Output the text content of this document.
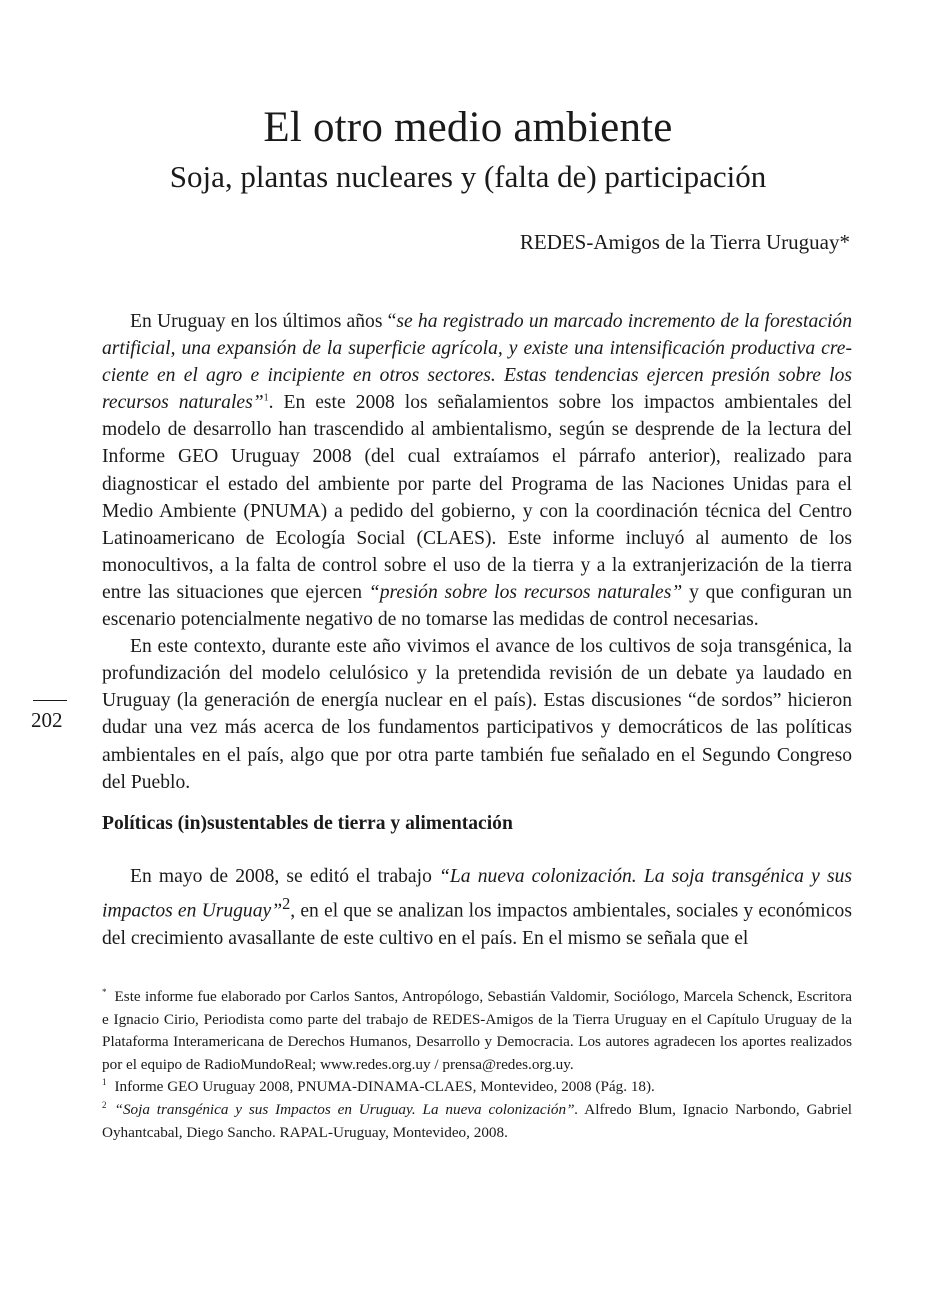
El otro medio ambiente
Soja, plantas nucleares y (falta de) participación
REDES-Amigos de la Tierra Uruguay*
202

En Uruguay en los últimos años “se ha registrado un marcado incremento de la forestación artificial, una expansión de la superficie agrícola, y existe una intensificación productiva creciente en el agro e incipiente en otros sectores. Estas tendencias ejercen presión sobre los recursos naturales”$^1$. En este 2008 los señalamientos sobre los impactos ambientales del modelo de desarrollo han trascendido al ambientalismo, según se desprende de la lectura del Informe GEO Uruguay 2008 (del cual extraíamos el párrafo anterior), realizado para diagnosticar el estado del ambiente por parte del Programa de las Naciones Unidas para el Medio Ambiente (PNUMA) a pedido del gobierno, y con la coordinación técnica del Centro Latinoamericano de Ecología Social (CLAES). Este informe incluyó al aumento de los monocultivos, a la falta de control sobre el uso de la tierra y a la extranjerización de la tierra entre las situaciones que ejercen “presión sobre los recursos naturales” y que configuran un escenario potencialmente negativo de no tomarse las medidas de control necesarias.

En este contexto, durante este año vivimos el avance de los cultivos de soja transgénica, la profundización del modelo celulósico y la pretendida revisión de un debate ya laudado en Uruguay (la generación de energía nuclear en el país). Estas discusiones “de sordos” hicieron dudar una vez más acerca de los fundamentos participativos y democráticos de las políticas ambientales en el país, algo que por otra parte también fue señalado en el Segundo Congreso del Pueblo.

Políticas (in)sustentables de tierra y alimentación

En mayo de 2008, se editó el trabajo “La nueva colonización. La soja transgénica y sus impactos en Uruguay”$^2$, en el que se analizan los impactos ambientales, sociales y económicos del crecimiento avasallante de este cultivo en el país. En el mismo se señala que el

* Este informe fue elaborado por Carlos Santos, Antropólogo, Sebastián Valdomir, Sociólogo, Marcela Schenck, Escritora e Ignacio Cirio, Periodista como parte del trabajo de REDES-Amigos de la Tierra Uruguay en el Capítulo Uruguay de la Plataforma Interamericana de Derechos Humanos, Desarrollo y Democracia. Los autores agradecen los aportes realizados por el equipo de RadioMundoReal; www.redes.org.uy / prensa@redes.org.uy.

$^1$ Informe GEO Uruguay 2008, PNUMA-DINAMA-CLAES, Montevideo, 2008 (Pág. 18).

$^2$ “Soja transgénica y sus Impactos en Uruguay. La nueva colonización”. Alfredo Blum, Ignacio Narbondo, Gabriel Oyhantcabal, Diego Sancho. RAPAL-Uruguay, Montevideo, 2008.
